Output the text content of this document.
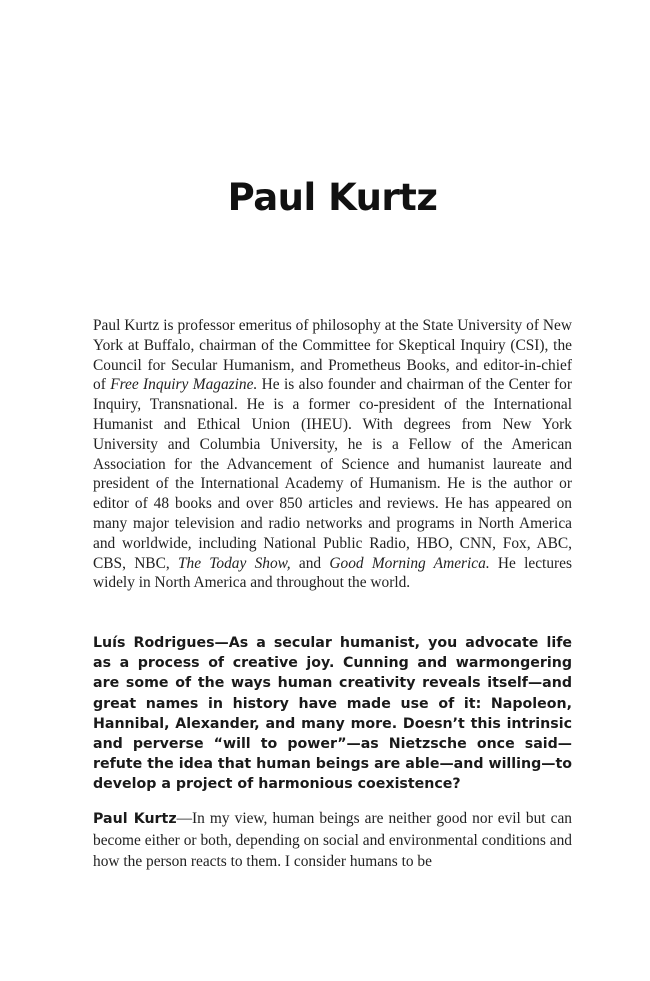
Paul Kurtz

Paul Kurtz is professor emeritus of philosophy at the State University of New York at Buffalo, chairman of the Committee for Skeptical Inquiry (CSI), the Council for Secular Humanism, and Prometheus Books, and editor-in-chief of Free Inquiry Magazine. He is also founder and chairman of the Center for Inquiry, Transnational. He is a former co-president of the International Humanist and Ethical Union (IHEU). With degrees from New York University and Columbia University, he is a Fellow of the American Association for the Advancement of Science and humanist laureate and president of the International Academy of Humanism. He is the author or editor of 48 books and over 850 articles and reviews. He has appeared on many major television and radio networks and programs in North America and worldwide, including National Public Radio, HBO, CNN, Fox, ABC, CBS, NBC, The Today Show, and Good Morning America. He lectures widely in North America and throughout the world.

Luís Rodrigues—As a secular humanist, you advocate life as a process of creative joy. Cunning and warmongering are some of the ways human creativity reveals itself—and great names in history have made use of it: Napoleon, Hannibal, Alexander, and many more. Doesn’t this intrinsic and perverse “will to power”—as Nietzsche once said—refute the idea that human beings are able—and willing—to develop a project of harmonious coexistence?

Paul Kurtz—In my view, human beings are neither good nor evil but can become either or both, depending on social and environmental conditions and how the person reacts to them. I consider humans to be
